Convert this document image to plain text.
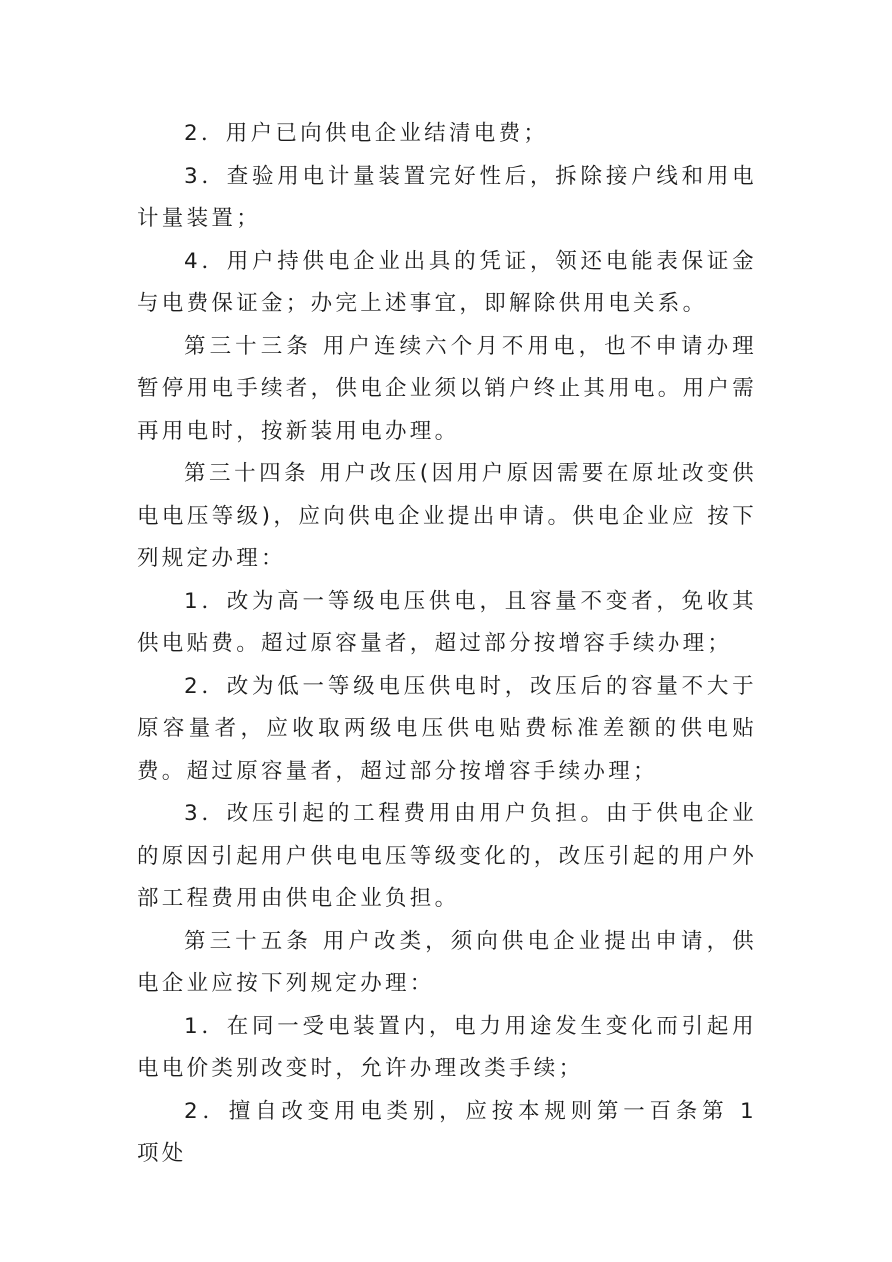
2．用户已向供电企业结清电费；

3．查验用电计量装置完好性后，拆除接户线和用电计量装置；

4．用户持供电企业出具的凭证，领还电能表保证金 与电费保证金；办完上述事宜，即解除供用电关系。

第三十三条 用户连续六个月不用电，也不申请办理暂停用电手续者，供电企业须以销户终止其用电。用户需再用电时，按新装用电办理。

第三十四条 用户改压(因用户原因需要在原址改变供电电压等级)，应向供电企业提出申请。供电企业应 按下列规定办理：

1．改为高一等级电压供电，且容量不变者，免收其供电贴费。超过原容量者，超过部分按增容手续办理；

2．改为低一等级电压供电时，改压后的容量不大于 原容量者，应收取两级电压供电贴费标准差额的供电贴费。超过原容量者，超过部分按增容手续办理；

3．改压引起的工程费用由用户负担。由于供电企业的原因引起用户供电电压等级变化的，改压引起的用户外部工程费用由供电企业负担。

第三十五条 用户改类，须向供电企业提出申请，供电企业应按下列规定办理：

1．在同一受电装置内，电力用途发生变化而引起用 电电价类别改变时，允许办理改类手续；

2．擅自改变用电类别，应按本规则第一百条第 1 项处
